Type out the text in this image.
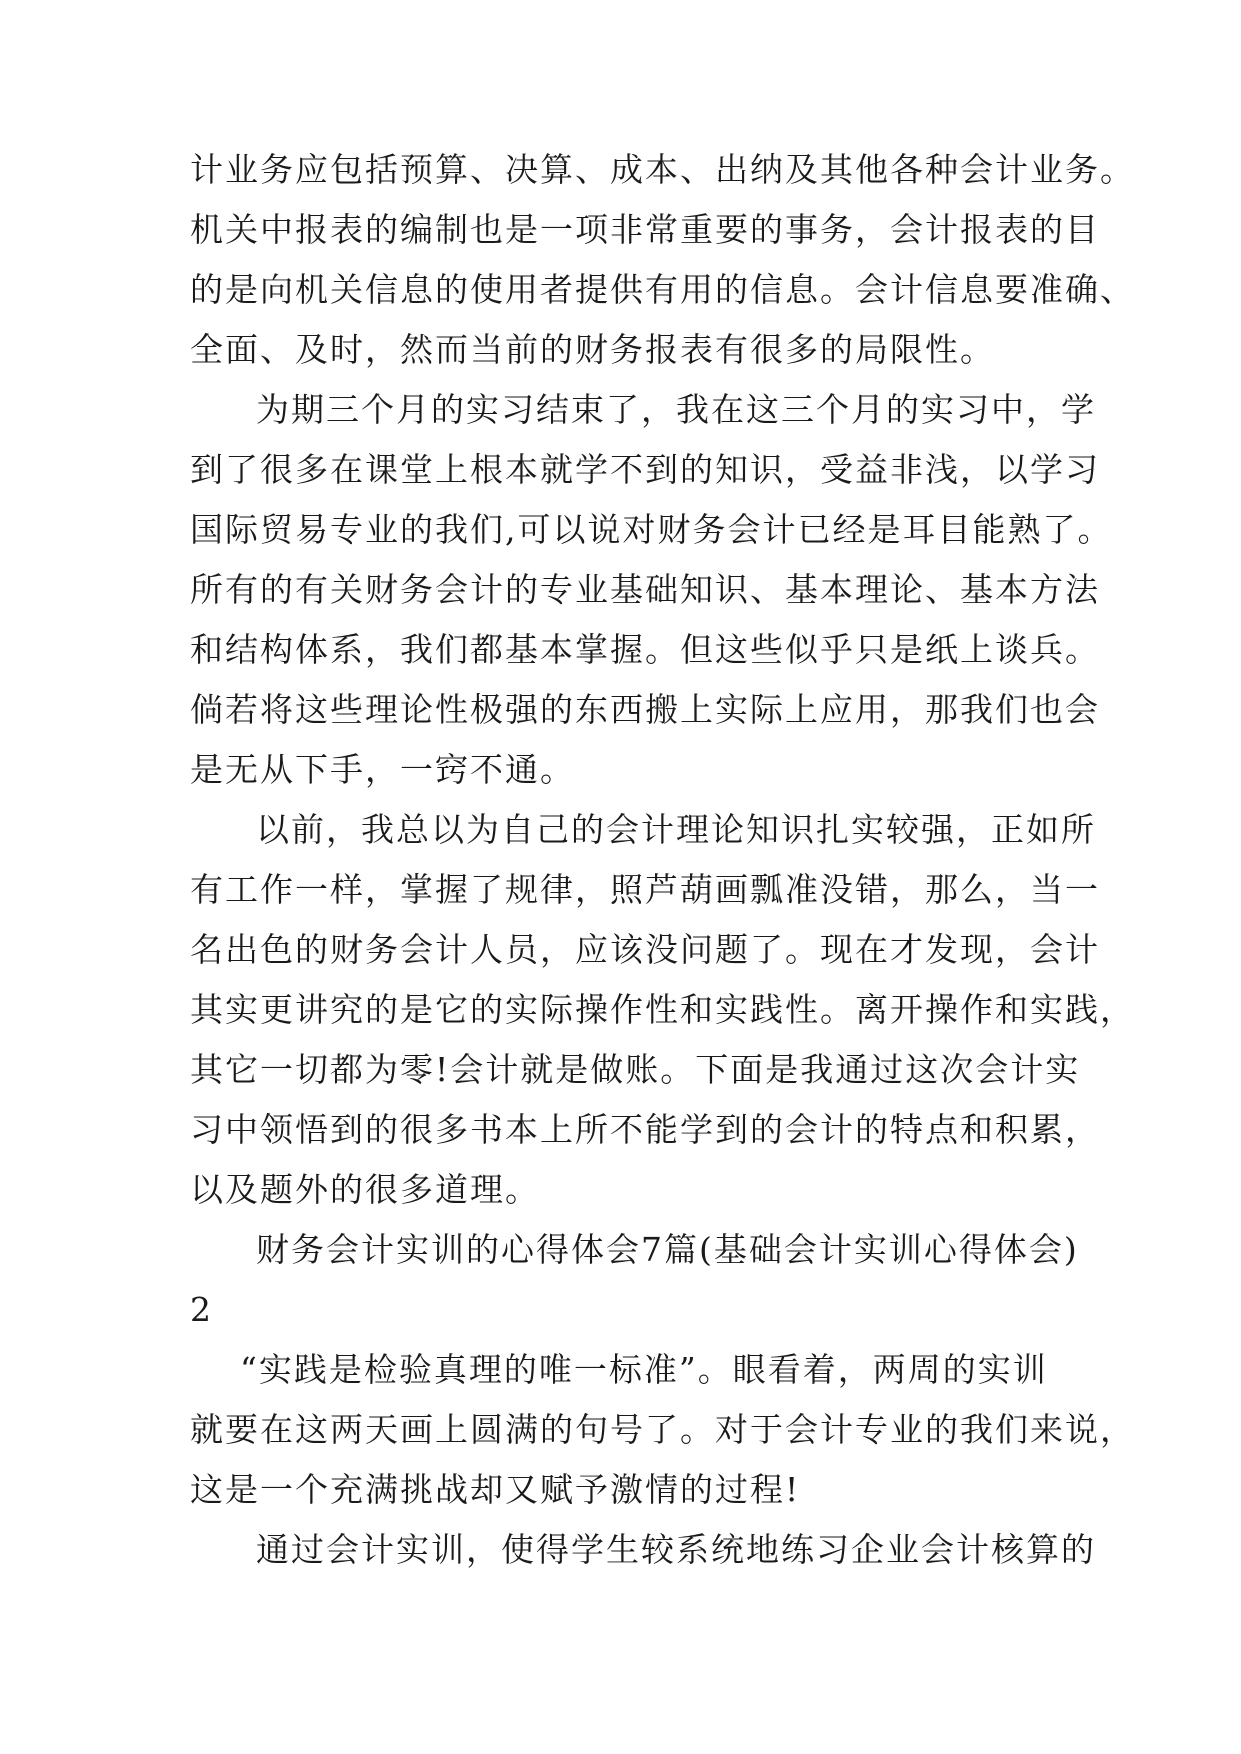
计业务应包括预算、决算、成本、出纳及其他各种会计业务。
机关中报表的编制也是一项非常重要的事务，会计报表的目
的是向机关信息的使用者提供有用的信息。会计信息要准确、
全面、及时，然而当前的财务报表有很多的局限性。
为期三个月的实习结束了，我在这三个月的实习中，学
到了很多在课堂上根本就学不到的知识，受益非浅，以学习
国际贸易专业的我们,可以说对财务会计已经是耳目能熟了。
所有的有关财务会计的专业基础知识、基本理论、基本方法
和结构体系，我们都基本掌握。但这些似乎只是纸上谈兵。
倘若将这些理论性极强的东西搬上实际上应用，那我们也会
是无从下手，一窍不通。
以前，我总以为自己的会计理论知识扎实较强，正如所
有工作一样，掌握了规律，照芦葫画瓢准没错，那么，当一
名出色的财务会计人员，应该没问题了。现在才发现，会计
其实更讲究的是它的实际操作性和实践性。离开操作和实践，
其它一切都为零!会计就是做账。下面是我通过这次会计实
习中领悟到的很多书本上所不能学到的会计的特点和积累，
以及题外的很多道理。
财务会计实训的心得体会7篇(基础会计实训心得体会)
2
“实践是检验真理的唯一标准”。眼看着，两周的实训
就要在这两天画上圆满的句号了。对于会计专业的我们来说，
这是一个充满挑战却又赋予激情的过程!
通过会计实训，使得学生较系统地练习企业会计核算的
